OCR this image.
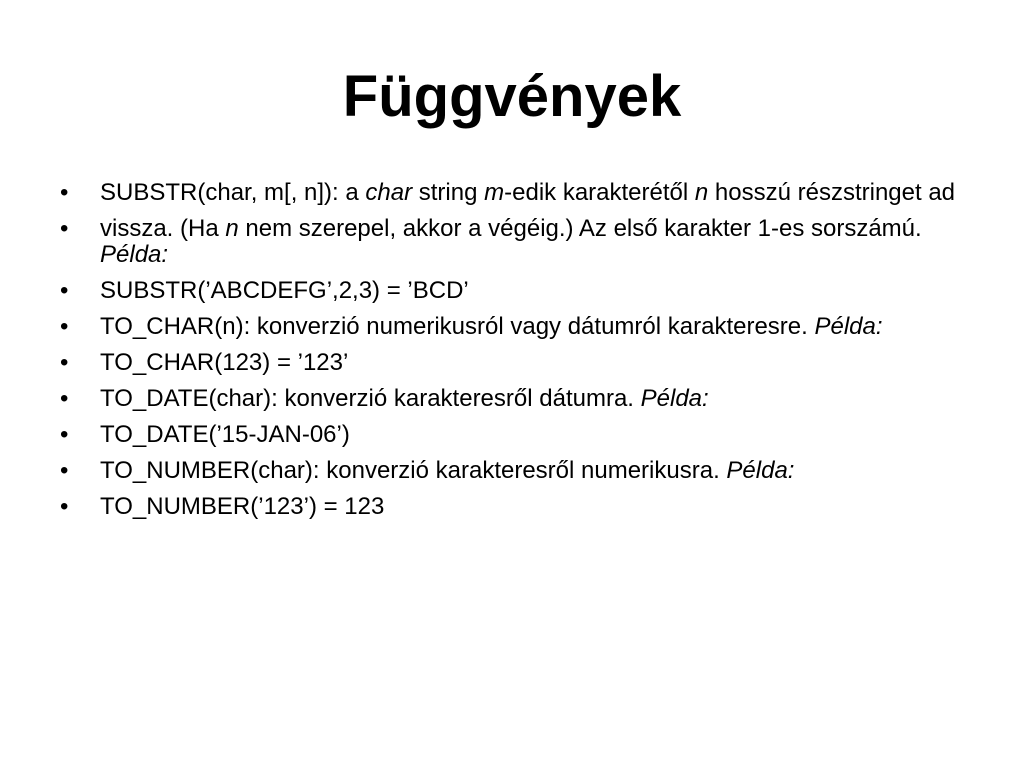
Függvények
•	SUBSTR(char, m[, n]): a char string m-edik karakterétől n hosszú részstringet ad
•	vissza. (Ha n nem szerepel, akkor a végéig.) Az első karakter 1-es sorszámú. Példa:
•	SUBSTR(’ABCDEFG’,2,3) = ’BCD’
•	TO_CHAR(n): konverzió numerikusról vagy dátumról karakteresre. Példa:
•	TO_CHAR(123) = ’123’
•	TO_DATE(char): konverzió karakteresről dátumra. Példa:
•	TO_DATE(’15-JAN-06’)
•	TO_NUMBER(char): konverzió karakteresről numerikusra. Példa:
•	TO_NUMBER(’123’) = 123
